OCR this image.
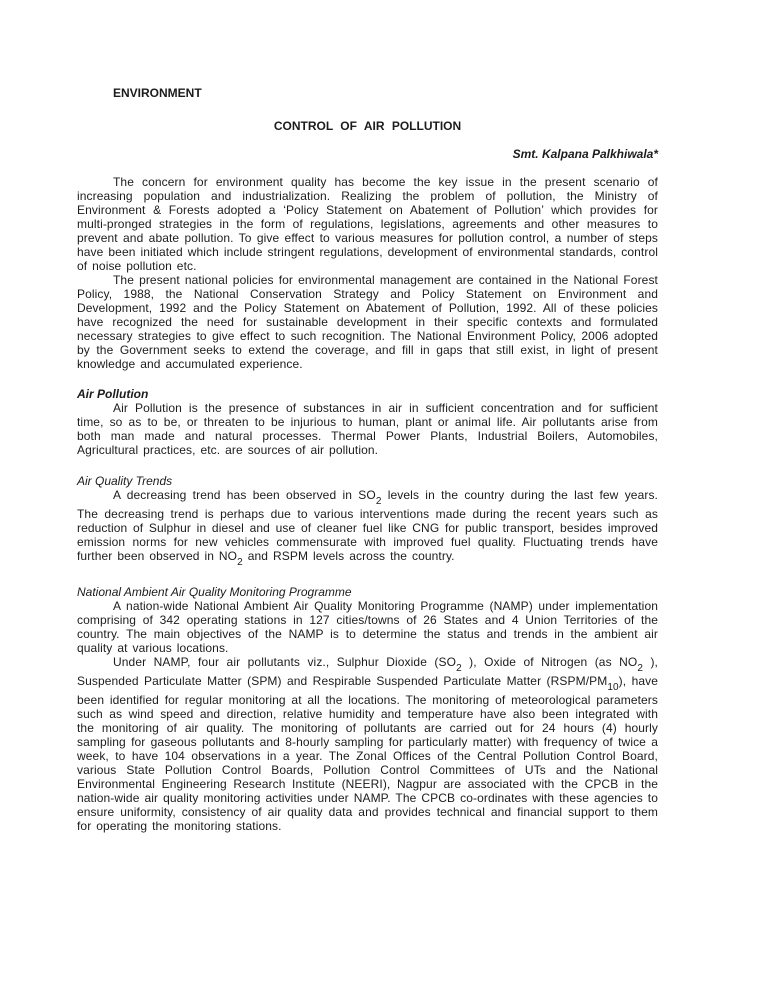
ENVIRONMENT
CONTROL OF AIR POLLUTION
Smt. Kalpana Palkhiwala*

The concern for environment quality has become the key issue in the present scenario of increasing population and industrialization. Realizing the problem of pollution, the Ministry of Environment & Forests adopted a ‘Policy Statement on Abatement of Pollution’ which provides for multi-pronged strategies in the form of regulations, legislations, agreements and other measures to prevent and abate pollution. To give effect to various measures for pollution control, a number of steps have been initiated which include stringent regulations, development of environmental standards, control of noise pollution etc.

The present national policies for environmental management are contained in the National Forest Policy, 1988, the National Conservation Strategy and Policy Statement on Environment and Development, 1992 and the Policy Statement on Abatement of Pollution, 1992. All of these policies have recognized the need for sustainable development in their specific contexts and formulated necessary strategies to give effect to such recognition. The National Environment Policy, 2006 adopted by the Government seeks to extend the coverage, and fill in gaps that still exist, in light of present knowledge and accumulated experience.

Air Pollution

Air Pollution is the presence of substances in air in sufficient concentration and for sufficient time, so as to be, or threaten to be injurious to human, plant or animal life. Air pollutants arise from both man made and natural processes. Thermal Power Plants, Industrial Boilers, Automobiles, Agricultural practices, etc. are sources of air pollution.

Air Quality Trends

A decreasing trend has been observed in $SO_2$ levels in the country during the last few years. The decreasing trend is perhaps due to various interventions made during the recent years such as reduction of Sulphur in diesel and use of cleaner fuel like CNG for public transport, besides improved emission norms for new vehicles commensurate with improved fuel quality. Fluctuating trends have further been observed in $NO_2$ and RSPM levels across the country.

National Ambient Air Quality Monitoring Programme

A nation-wide National Ambient Air Quality Monitoring Programme (NAMP) under implementation comprising of 342 operating stations in 127 cities/towns of 26 States and 4 Union Territories of the country. The main objectives of the NAMP is to determine the status and trends in the ambient air quality at various locations.

Under NAMP, four air pollutants viz., Sulphur Dioxide ($SO_2$ ), Oxide of Nitrogen (as $NO_2$ ), Suspended Particulate Matter (SPM) and Respirable Suspended Particulate Matter $(RSPM/PM_{10})$, have been identified for regular monitoring at all the locations. The monitoring of meteorological parameters such as wind speed and direction, relative humidity and temperature have also been integrated with the monitoring of air quality. The monitoring of pollutants are carried out for 24 hours (4) hourly sampling for gaseous pollutants and 8-hourly sampling for particularly matter) with frequency of twice a week, to have 104 observations in a year. The Zonal Offices of the Central Pollution Control Board, various State Pollution Control Boards, Pollution Control Committees of UTs and the National Environmental Engineering Research Institute (NEERI), Nagpur are associated with the CPCB in the nation-wide air quality monitoring activities under NAMP. The CPCB co-ordinates with these agencies to ensure uniformity, consistency of air quality data and provides technical and financial support to them for operating the monitoring stations.
